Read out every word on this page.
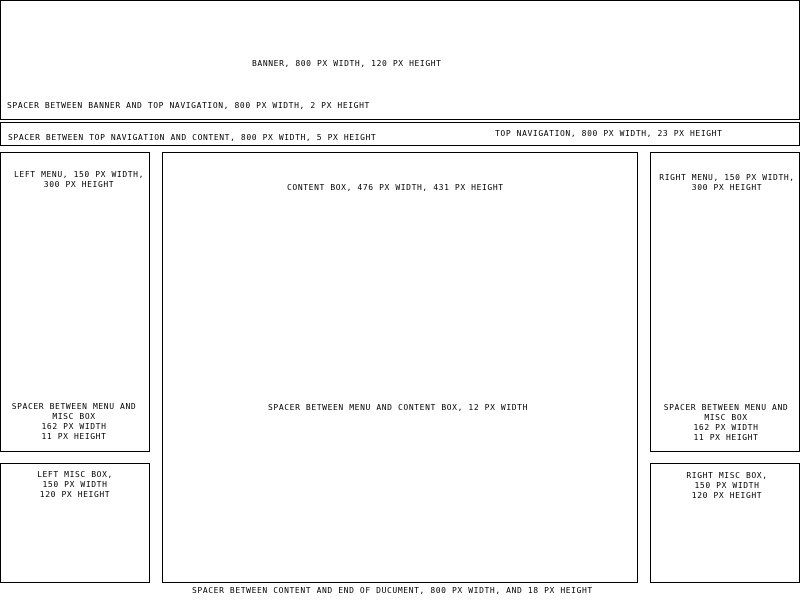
BANNER, 800 PX WIDTH, 120 PX HEIGHT
SPACER BETWEEN BANNER AND TOP NAVIGATION, 800 PX WIDTH, 2 PX HEIGHT
SPACER BETWEEN TOP NAVIGATION AND CONTENT, 800 PX WIDTH, 5 PX HEIGHT	TOP NAVIGATION, 800 PX WIDTH, 23 PX HEIGHT
LEFT MENU, 150 PX WIDTH,
300 PX HEIGHT
SPACER BETWEEN MENU AND
MISC BOX
162 PX WIDTH
11 PX HEIGHT
CONTENT BOX, 476 PX WIDTH, 431 PX HEIGHT
SPACER BETWEEN MENU AND CONTENT BOX, 12 PX WIDTH
RIGHT MENU, 150 PX WIDTH,
300 PX HEIGHT
SPACER BETWEEN MENU AND
MISC BOX
162 PX WIDTH
11 PX HEIGHT
LEFT MISC BOX,
150 PX WIDTH
120 PX HEIGHT
RIGHT MISC BOX,
150 PX WIDTH
120 PX HEIGHT
SPACER BETWEEN CONTENT AND END OF DUCUMENT, 800 PX WIDTH, AND 18 PX HEIGHT
